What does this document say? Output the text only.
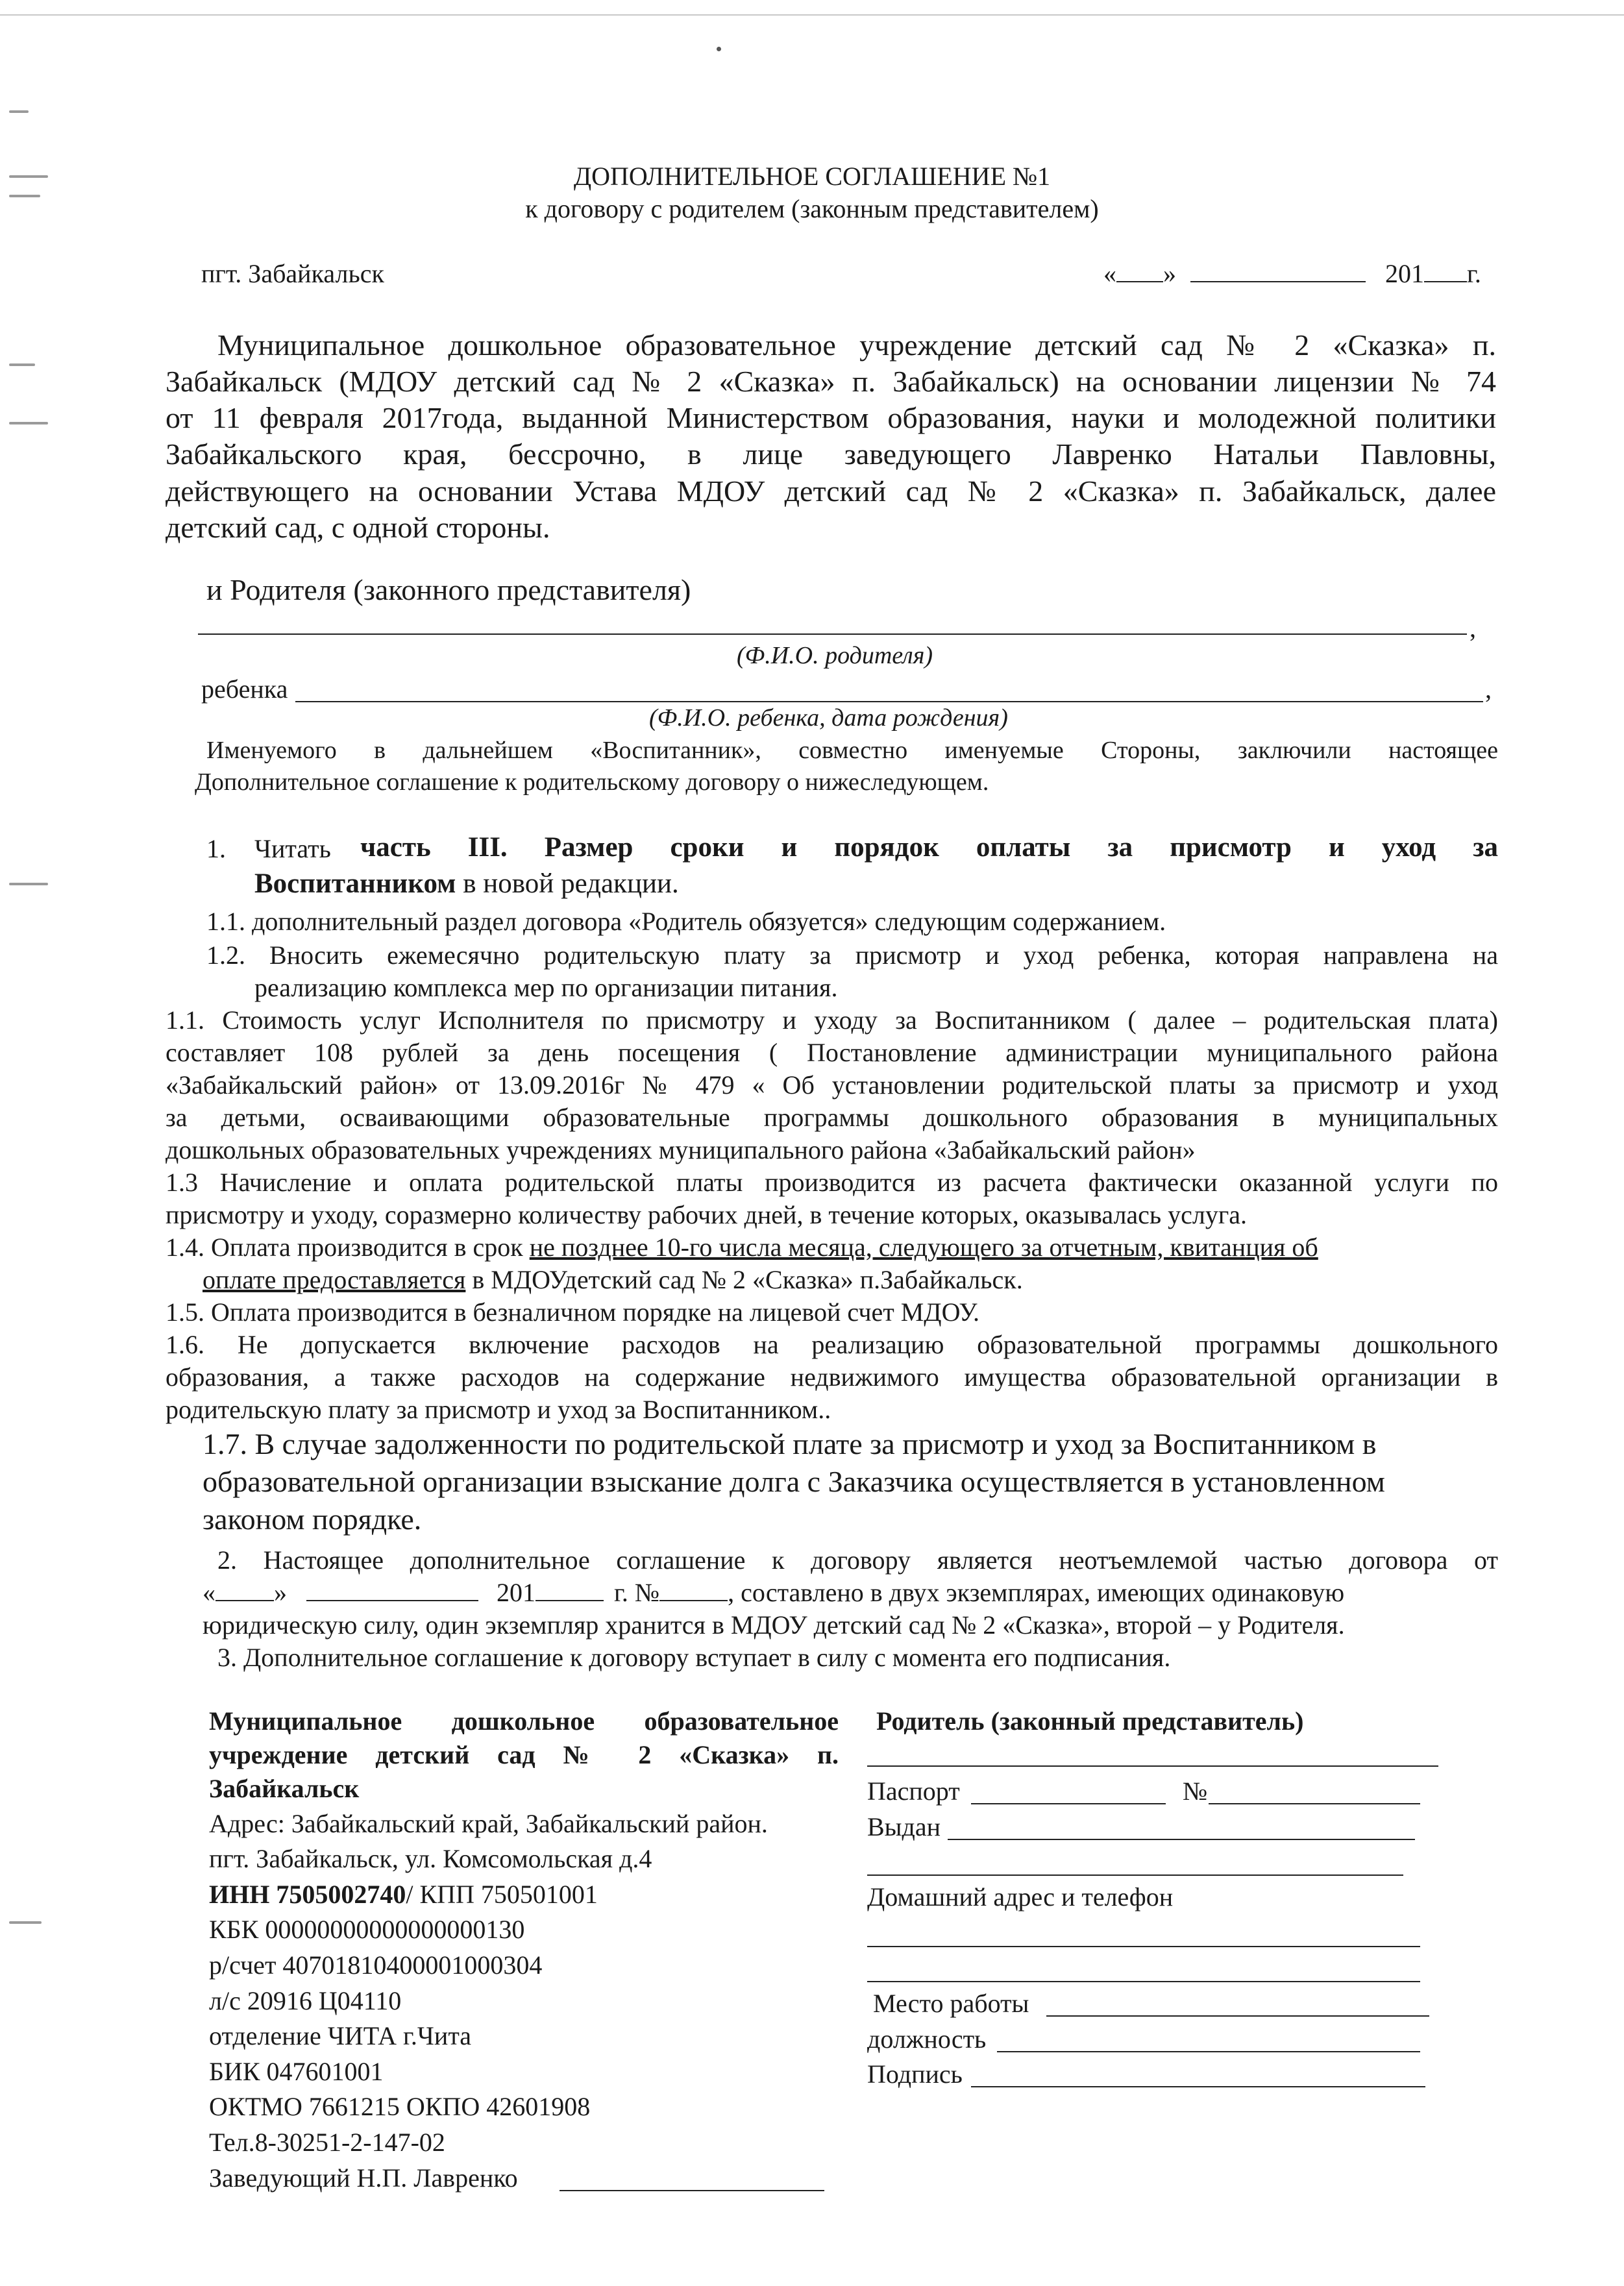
ДОПОЛНИТЕЛЬНОЕ СОГЛАШЕНИЕ №1
к договору с родителем (законным представителем)
пгт. Забайкальск	« »	201 г.
Муниципальное дошкольное образовательное учреждение детский сад № 2 «Сказка» п.
Забайкальск (МДОУ детский сад № 2 «Сказка» п. Забайкальск) на основании лицензии № 74
от 11 февраля 2017года, выданной Министерством образования, науки и молодежной политики
Забайкальского края, бессрочно, в лице заведующего Лавренко Натальи Павловны,
действующего на основании Устава МДОУ детский сад № 2 «Сказка» п. Забайкальск, далее
детский сад, с одной стороны.
и Родителя (законного представителя)
,
(Ф.И.О. родителя)
ребенка	,
(Ф.И.О. ребенка, дата рождения)
Именуемого в дальнейшем «Воспитанник», совместно именуемые Стороны, заключили настоящее
Дополнительное соглашение к родительскому договору о нижеследующем.
1. Читать часть III. Размер сроки и порядок оплаты за присмотр и уход за
Воспитанником в новой редакции.
1.1. дополнительный раздел договора «Родитель обязуется» следующим содержанием.
1.2. Вносить ежемесячно родительскую плату за присмотр и уход ребенка, которая направлена на
реализацию комплекса мер по организации питания.
1.1. Стоимость услуг Исполнителя по присмотру и уходу за Воспитанником ( далее – родительская плата)
составляет 108 рублей за день посещения ( Постановление администрации муниципального района
«Забайкальский район» от 13.09.2016г № 479 « Об установлении родительской платы за присмотр и уход
за детьми, осваивающими образовательные программы дошкольного образования в муниципальных
дошкольных образовательных учреждениях муниципального района «Забайкальский район»
1.3 Начисление и оплата родительской платы производится из расчета фактически оказанной услуги по
присмотру и уходу, соразмерно количеству рабочих дней, в течение которых, оказывалась услуга.
1.4. Оплата производится в срок не позднее 10-го числа месяца, следующего за отчетным, квитанция об
оплате предоставляется в МДОУдетский сад № 2 «Сказка» п.Забайкальск.
1.5. Оплата производится в безналичном порядке на лицевой счет МДОУ.
1.6. Не допускается включение расходов на реализацию образовательной программы дошкольного
образования, а также расходов на содержание недвижимого имущества образовательной организации в
родительскую плату за присмотр и уход за Воспитанником..
1.7. В случае задолженности по родительской плате за присмотр и уход за Воспитанником в
образовательной организации взыскание долга с Заказчика осуществляется в установленном
законом порядке.
2. Настоящее дополнительное соглашение к договору является неотъемлемой частью договора от
« »	201	г. №	, составлено в двух экземплярах, имеющих одинаковую
юридическую силу, один экземпляр хранится в МДОУ детский сад № 2 «Сказка», второй – у Родителя.
3. Дополнительное соглашение к договору вступает в силу с момента его подписания.
Муниципальное дошкольное образовательное
учреждение детский сад № 2 «Сказка» п.
Забайкальск
Адрес: Забайкальский край, Забайкальский район.
пгт. Забайкальск, ул. Комсомольская д.4
ИНН 7505002740/ КПП 750501001
КБК 00000000000000000130
р/счет 40701810400001000304
л/с 20916 Ц04110
отделение ЧИТА г.Чита
БИК 047601001
ОКТМО 7661215 ОКПО 42601908
Тел.8-30251-2-147-02
Заведующий Н.П. Лавренко
Родитель (законный представитель)
Паспорт	№
Выдан
Домашний адрес и телефон
Место работы
должность
Подпись
